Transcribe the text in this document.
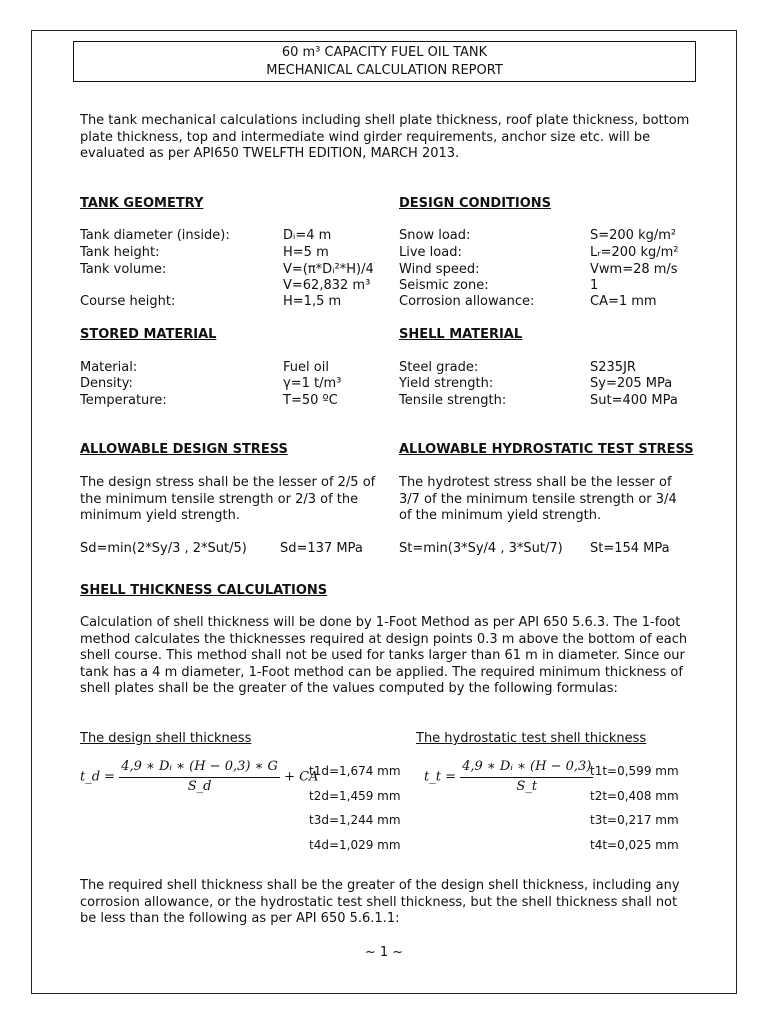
60 m³ CAPACITY FUEL OIL TANK
MECHANICAL CALCULATION REPORT
The tank mechanical calculations including shell plate thickness, roof plate thickness, bottom plate thickness, top and intermediate wind girder requirements, anchor size etc. will be evaluated as per API650 TWELFTH EDITION, MARCH 2013.
TANK GEOMETRY
Tank diameter (inside):	Dᵢ=4 m
Tank height:	H=5 m
Tank volume:	V=(π*Dᵢ²*H)/4
V=62,832 m³
Course height:	H=1,5 m
DESIGN CONDITIONS
Snow load:	S=200 kg/m²
Live load:	Lᵣ=200 kg/m²
Wind speed:	Vwm=28 m/s
Seismic zone:	1
Corrosion allowance:	CA=1 mm
STORED MATERIAL
Material:	Fuel oil
Density:	γ=1 t/m³
Temperature:	T=50 ºC
SHELL MATERIAL
Steel grade:	S235JR
Yield strength:	Sy=205 MPa
Tensile strength:	Sut=400 MPa
ALLOWABLE DESIGN STRESS
The design stress shall be the lesser of 2/5 of the minimum tensile strength or 2/3 of the minimum yield strength.
Sd=min(2*Sy/3 , 2*Sut/5)	Sd=137 MPa
ALLOWABLE HYDROSTATIC TEST STRESS
The hydrotest stress shall be the lesser of 3/7 of the minimum tensile strength or 3/4 of the minimum yield strength.
St=min(3*Sy/4 , 3*Sut/7) St=154 MPa
SHELL THICKNESS CALCULATIONS
Calculation of shell thickness will be done by 1-Foot Method as per API 650 5.6.3. The 1-foot method calculates the thicknesses required at design points 0.3 m above the bottom of each shell course. This method shall not be used for tanks larger than 61 m in diameter. Since our tank has a 4 m diameter, 1-Foot method can be applied. The required minimum thickness of shell plates shall be the greater of the values computed by the following formulas:
The design shell thickness	The hydrostatic test shell thickness
t_d = $\frac{\text{4,9 ∗ Dᵢ ∗ (H − 0,3) ∗ G}}{S\_d}$ + CA	t_t = $\frac{\text{4,9 ∗ Dᵢ ∗ (H − 0,3)}}{S\_t}$
t1d=1,674 mm
t2d=1,459 mm
t3d=1,244 mm
t4d=1,029 mm
t1t=0,599 mm
t2t=0,408 mm
t3t=0,217 mm
t4t=0,025 mm
The required shell thickness shall be the greater of the design shell thickness, including any corrosion allowance, or the hydrostatic test shell thickness, but the shell thickness shall not be less than the following as per API 650 5.6.1.1:
~ 1 ~
